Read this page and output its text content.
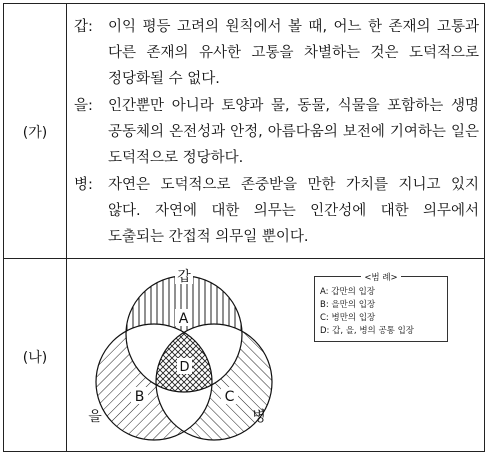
A
B	C
D
갑
을	병
<범 례>
A: 갑만의 입장
B: 을만의 입장
C: 병만의 입장
D: 갑, 을, 병의 공통 입장
